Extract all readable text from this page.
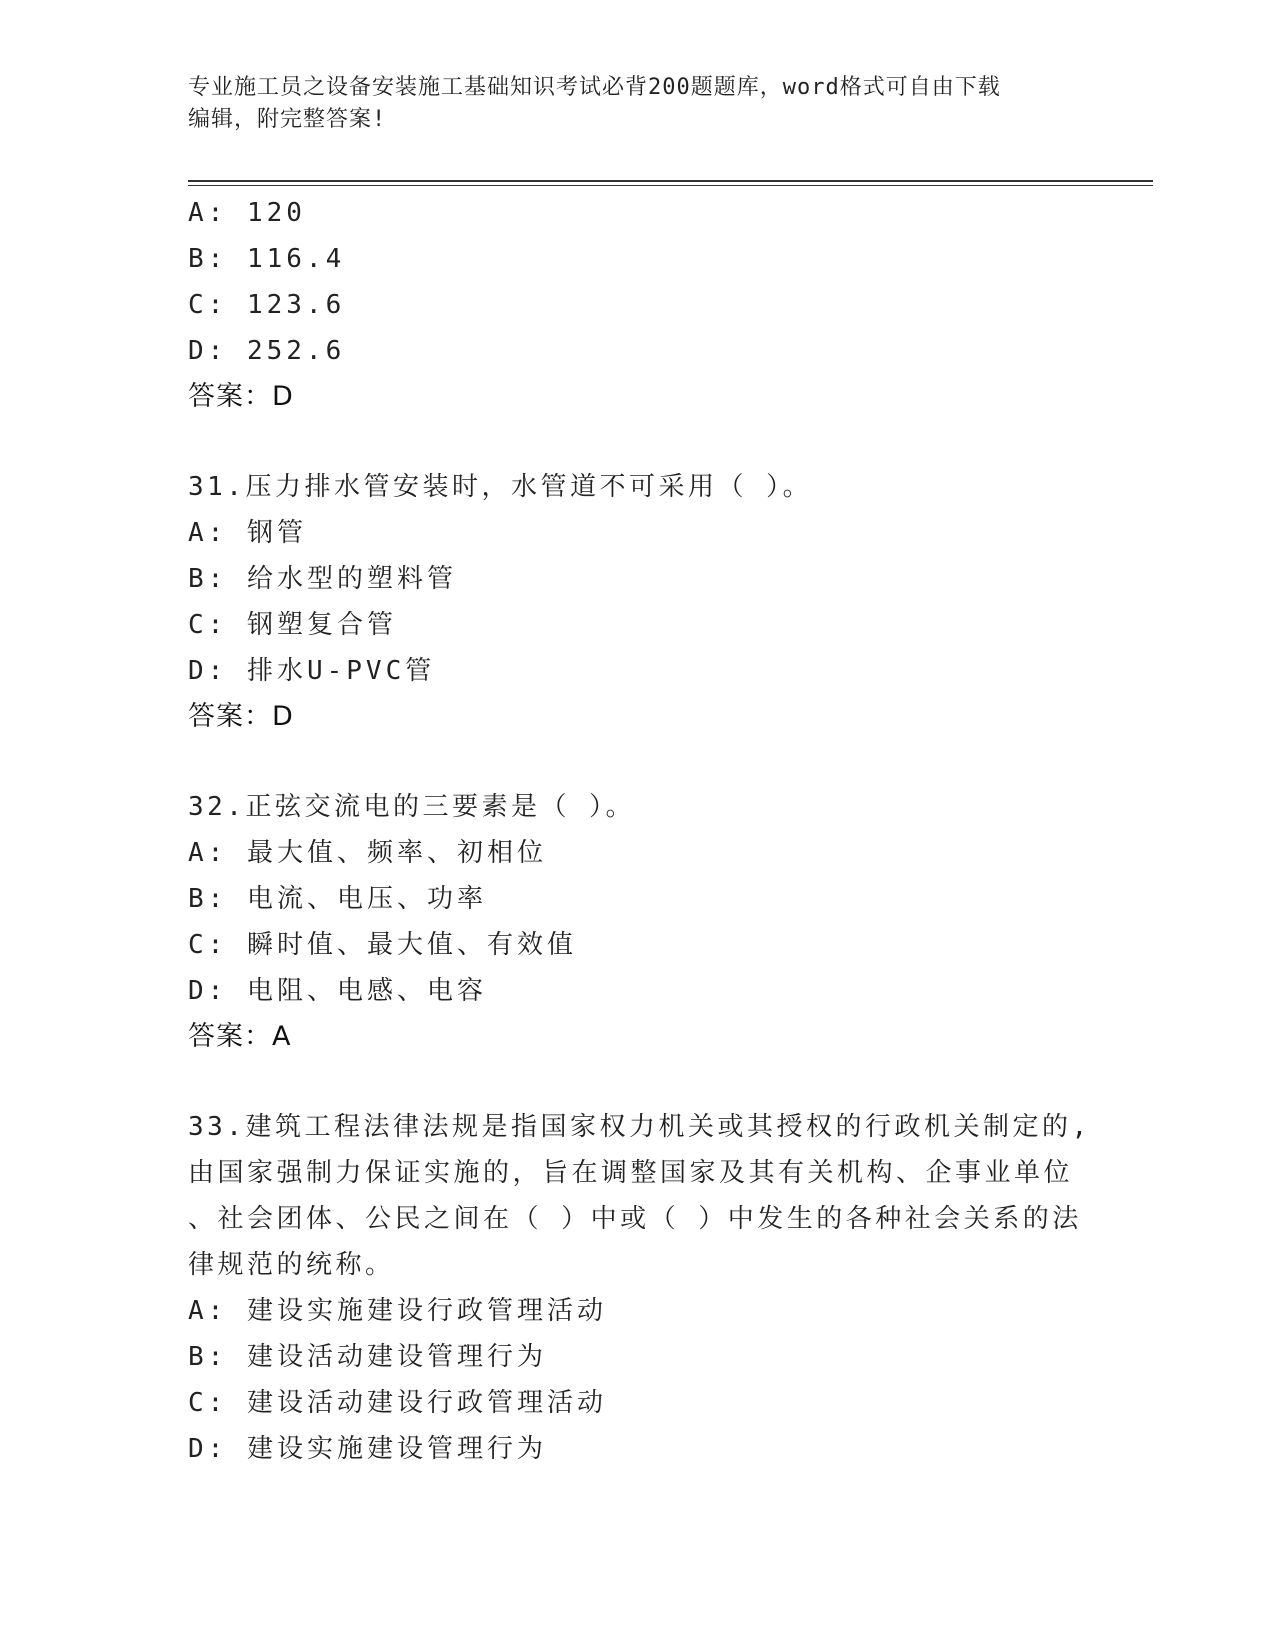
专业施工员之设备安装施工基础知识考试必背200题题库，word格式可自由下载
编辑，附完整答案!
A: 120
B: 116.4
C: 123.6
D: 252.6
答案：D
31.压力排水管安装时，水管道不可采用（ ）。
A: 钢管
B: 给水型的塑料管
C: 钢塑复合管
D: 排水U-PVC管
答案：D
32.正弦交流电的三要素是（ ）。
A: 最大值、频率、初相位
B: 电流、电压、功率
C: 瞬时值、最大值、有效值
D: 电阻、电感、电容
答案：A
33.建筑工程法律法规是指国家权力机关或其授权的行政机关制定的,
由国家强制力保证实施的，旨在调整国家及其有关机构、企事业单位
、社会团体、公民之间在（ ）中或（ ）中发生的各种社会关系的法
律规范的统称。
A: 建设实施建设行政管理活动
B: 建设活动建设管理行为
C: 建设活动建设行政管理活动
D: 建设实施建设管理行为
